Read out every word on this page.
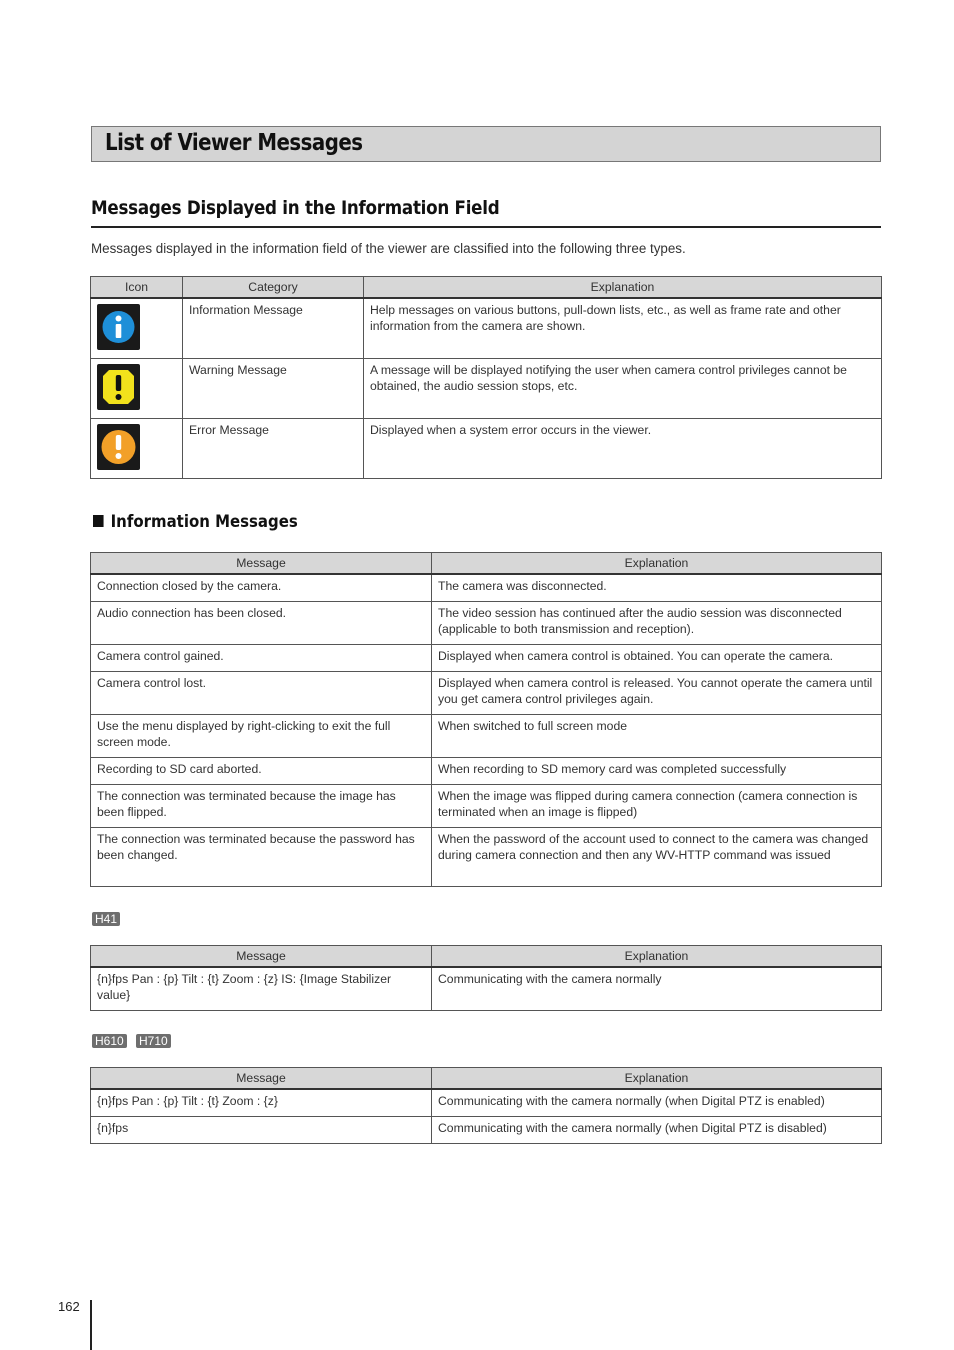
List of Viewer Messages
Messages Displayed in the Information Field
Messages displayed in the information field of the viewer are classified into the following three types.
Icon	Category	Explanation

	Information Message	Help messages on various buttons, pull-down lists, etc., as well as frame rate and other information from the camera are shown.

	Warning Message	A message will be displayed notifying the user when camera control privileges cannot be obtained, the audio session stops, etc.

	Error Message	Displayed when a system error occurs in the viewer.
Information Messages
Message	Explanation
Connection closed by the camera.	The camera was disconnected.
Audio connection has been closed.	The video session has continued after the audio session was disconnected (applicable to both transmission and reception).
Camera control gained.	Displayed when camera control is obtained. You can operate the camera.
Camera control lost.	Displayed when camera control is released. You cannot operate the camera until you get camera control privileges again.
Use the menu displayed by right-clicking to exit the full screen mode.	When switched to full screen mode
Recording to SD card aborted.	When recording to SD memory card was completed successfully
The connection was terminated because the image has been flipped.	When the image was flipped during camera connection (camera connection is terminated when an image is flipped)
The connection was terminated because the password has been changed.	When the password of the account used to connect to the camera was changed during camera connection and then any WV-HTTP command was issued
H41
Message	Explanation
{n}fps Pan : {p} Tilt : {t} Zoom : {z} IS: {Image Stabilizer value}	Communicating with the camera normally
H610 H710
Message	Explanation
{n}fps Pan : {p} Tilt : {t} Zoom : {z}	Communicating with the camera normally (when Digital PTZ is enabled)
{n}fps	Communicating with the camera normally (when Digital PTZ is disabled)
162
